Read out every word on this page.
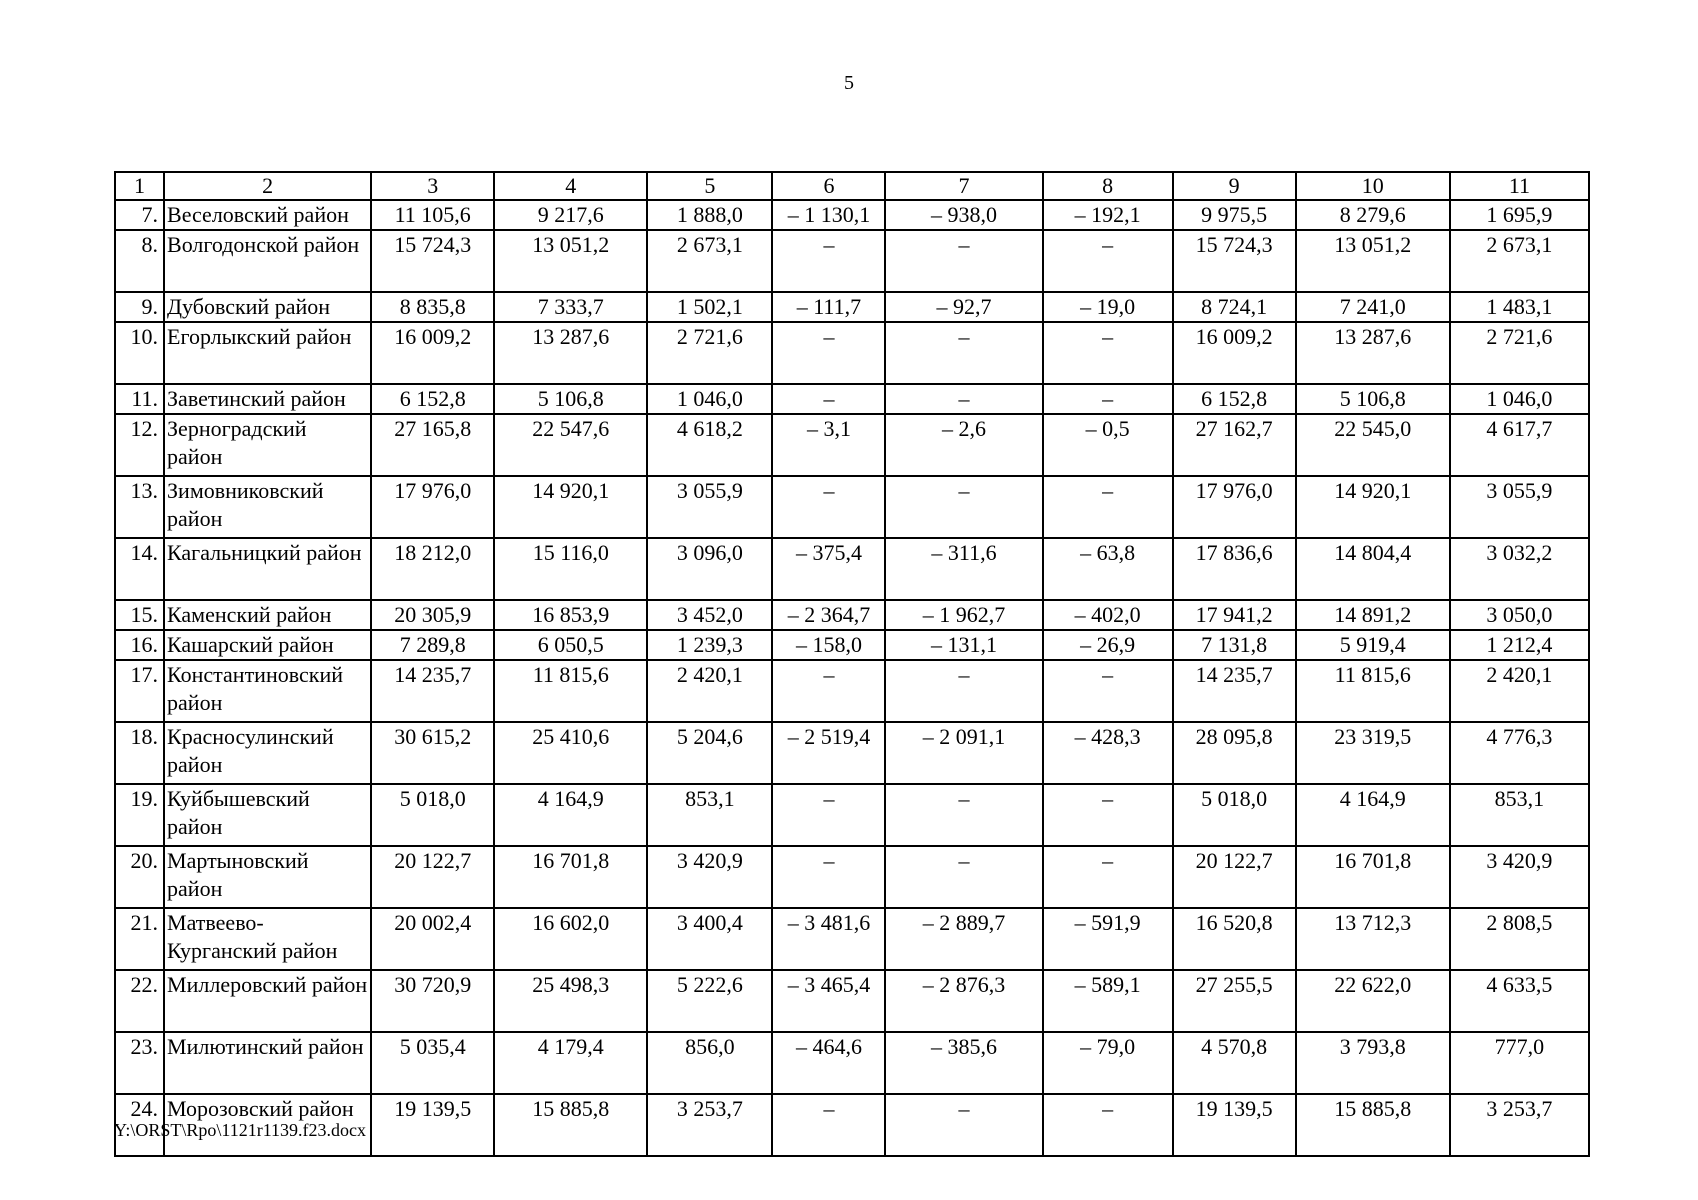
5
1	2	3	4	5	6	7	8	9	10	11
7.	Веселовский район	11 105,6	9 217,6	1 888,0	– 1 130,1	– 938,0	– 192,1	9 975,5	8 279,6	1 695,9
8.	Волгодонской район	15 724,3	13 051,2	2 673,1	–	–	–	15 724,3	13 051,2	2 673,1
9.	Дубовский район	8 835,8	7 333,7	1 502,1	– 111,7	– 92,7	– 19,0	8 724,1	7 241,0	1 483,1
10.	Егорлыкский район	16 009,2	13 287,6	2 721,6	–	–	–	16 009,2	13 287,6	2 721,6
11.	Заветинский район	6 152,8	5 106,8	1 046,0	–	–	–	6 152,8	5 106,8	1 046,0
12.	Зерноградский район	27 165,8	22 547,6	4 618,2	– 3,1	– 2,6	– 0,5	27 162,7	22 545,0	4 617,7
13.	Зимовниковский район	17 976,0	14 920,1	3 055,9	–	–	–	17 976,0	14 920,1	3 055,9
14.	Кагальницкий район	18 212,0	15 116,0	3 096,0	– 375,4	– 311,6	– 63,8	17 836,6	14 804,4	3 032,2
15.	Каменский район	20 305,9	16 853,9	3 452,0	– 2 364,7	– 1 962,7	– 402,0	17 941,2	14 891,2	3 050,0
16.	Кашарский район	7 289,8	6 050,5	1 239,3	– 158,0	– 131,1	– 26,9	7 131,8	5 919,4	1 212,4
17.	Константиновский район	14 235,7	11 815,6	2 420,1	–	–	–	14 235,7	11 815,6	2 420,1
18.	Красносулинский район	30 615,2	25 410,6	5 204,6	– 2 519,4	– 2 091,1	– 428,3	28 095,8	23 319,5	4 776,3
19.	Куйбышевский район	5 018,0	4 164,9	853,1	–	–	–	5 018,0	4 164,9	853,1
20.	Мартыновский район	20 122,7	16 701,8	3 420,9	–	–	–	20 122,7	16 701,8	3 420,9
21.	Матвеево-Курганский район	20 002,4	16 602,0	3 400,4	– 3 481,6	– 2 889,7	– 591,9	16 520,8	13 712,3	2 808,5
22.	Миллеровский район	30 720,9	25 498,3	5 222,6	– 3 465,4	– 2 876,3	– 589,1	27 255,5	22 622,0	4 633,5
23.	Милютинский район	5 035,4	4 179,4	856,0	– 464,6	– 385,6	– 79,0	4 570,8	3 793,8	777,0
24.	Морозовский район	19 139,5	15 885,8	3 253,7	–	–	–	19 139,5	15 885,8	3 253,7
Y:\ORST\Rpo\1121r1139.f23.docx
